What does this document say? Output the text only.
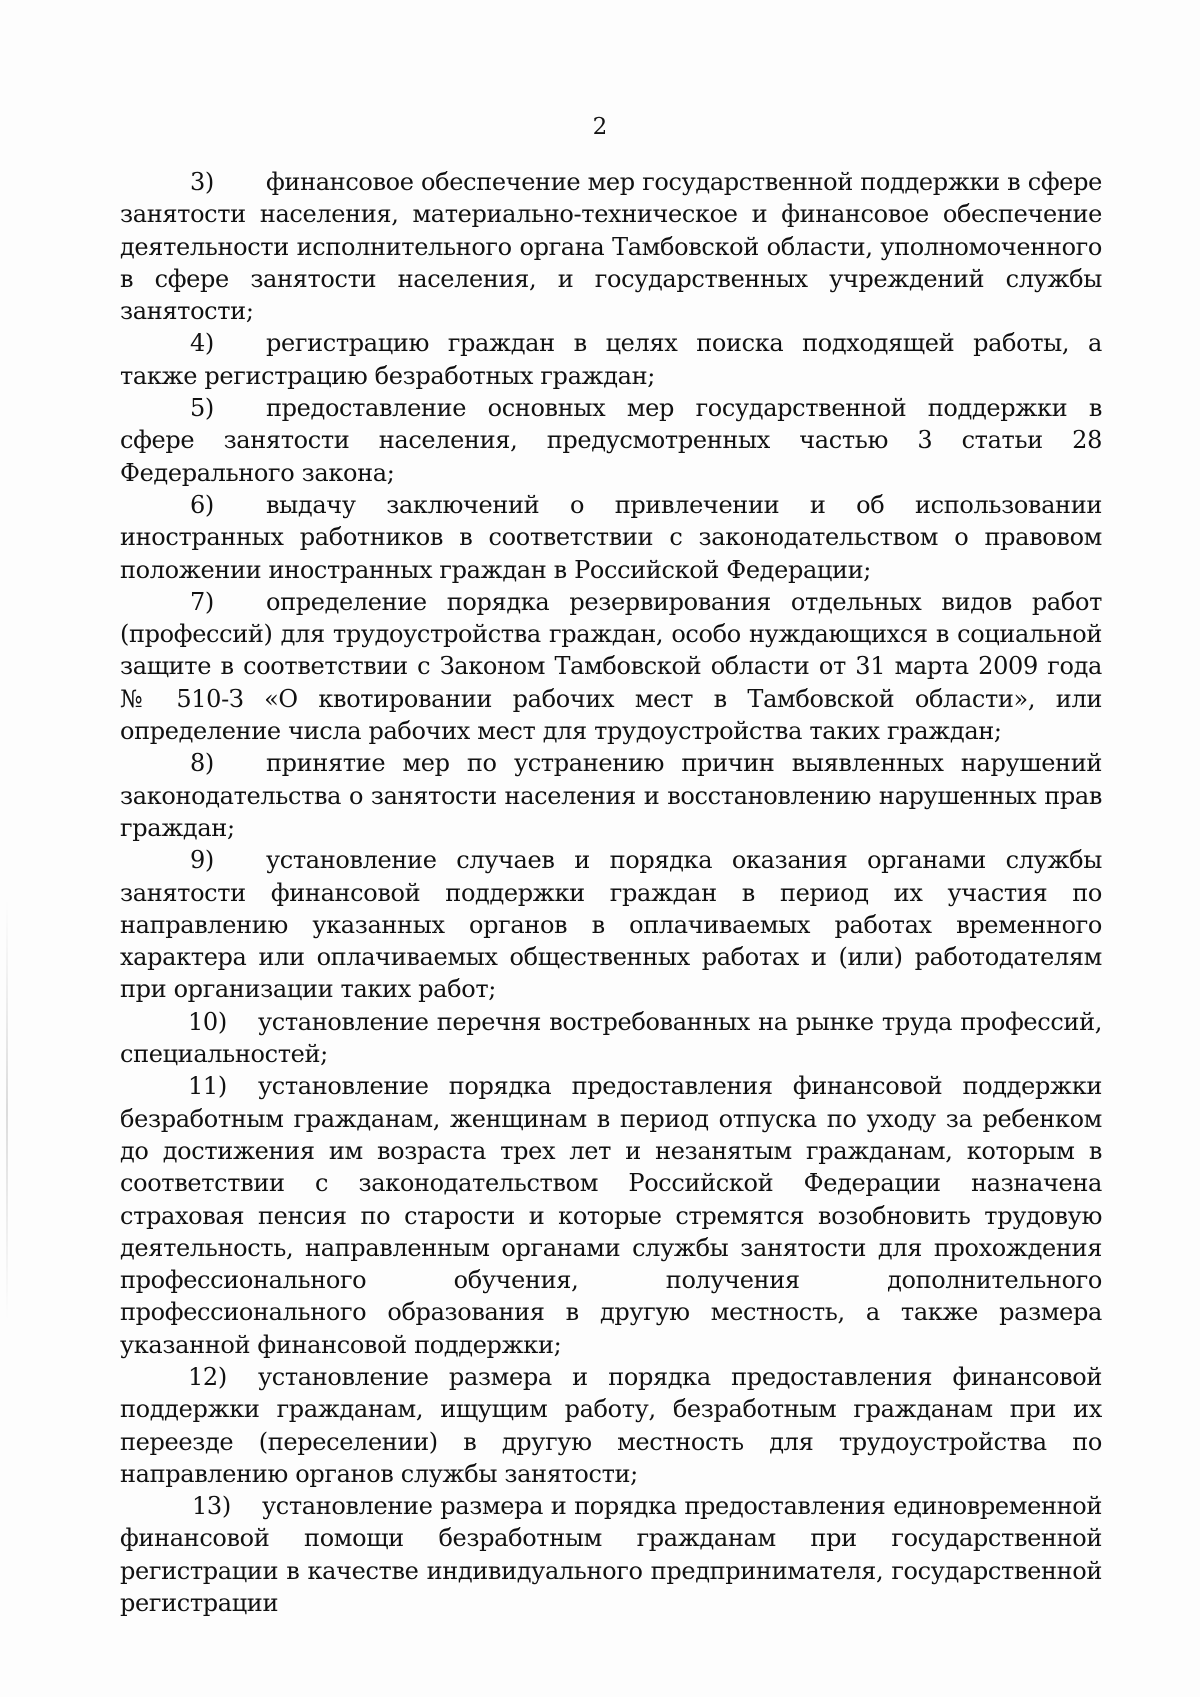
2

3) финансовое обеспечение мер государственной поддержки в сфере занятости населения, материально-техническое и финансовое обеспечение деятельности исполнительного органа Тамбовской области, уполномоченного в сфере занятости населения, и государственных учреждений службы занятости;

4) регистрацию граждан в целях поиска подходящей работы, а также регистрацию безработных граждан;

5) предоставление основных мер государственной поддержки в сфере занятости населения, предусмотренных частью 3 статьи 28 Федерального закона;

6) выдачу заключений о привлечении и об использовании иностранных работников в соответствии с законодательством о правовом положении иностранных граждан в Российской Федерации;

7) определение порядка резервирования отдельных видов работ (профессий) для трудоустройства граждан, особо нуждающихся в социальной защите в соответствии с Законом Тамбовской области от 31 марта 2009 года № 510-З «О квотировании рабочих мест в Тамбовской области», или определение числа рабочих мест для трудоустройства таких граждан;

8) принятие мер по устранению причин выявленных нарушений законодательства о занятости населения и восстановлению нарушенных прав граждан;

9) установление случаев и порядка оказания органами службы занятости финансовой поддержки граждан в период их участия по направлению указанных органов в оплачиваемых работах временного характера или оплачиваемых общественных работах и (или) работодателям при организации таких работ;

10) установление перечня востребованных на рынке труда профессий, специальностей;

11) установление порядка предоставления финансовой поддержки безработным гражданам, женщинам в период отпуска по уходу за ребенком до достижения им возраста трех лет и незанятым гражданам, которым в соответствии с законодательством Российской Федерации назначена страховая пенсия по старости и которые стремятся возобновить трудовую деятельность, направленным органами службы занятости для прохождения профессионального обучения, получения дополнительного профессионального образования в другую местность, а также размера указанной финансовой поддержки;

12) установление размера и порядка предоставления финансовой поддержки гражданам, ищущим работу, безработным гражданам при их переезде (переселении) в другую местность для трудоустройства по направлению органов службы занятости;

13) установление размера и порядка предоставления единовременной финансовой помощи безработным гражданам при государственной регистрации в качестве индивидуального предпринимателя, государственной регистрации
